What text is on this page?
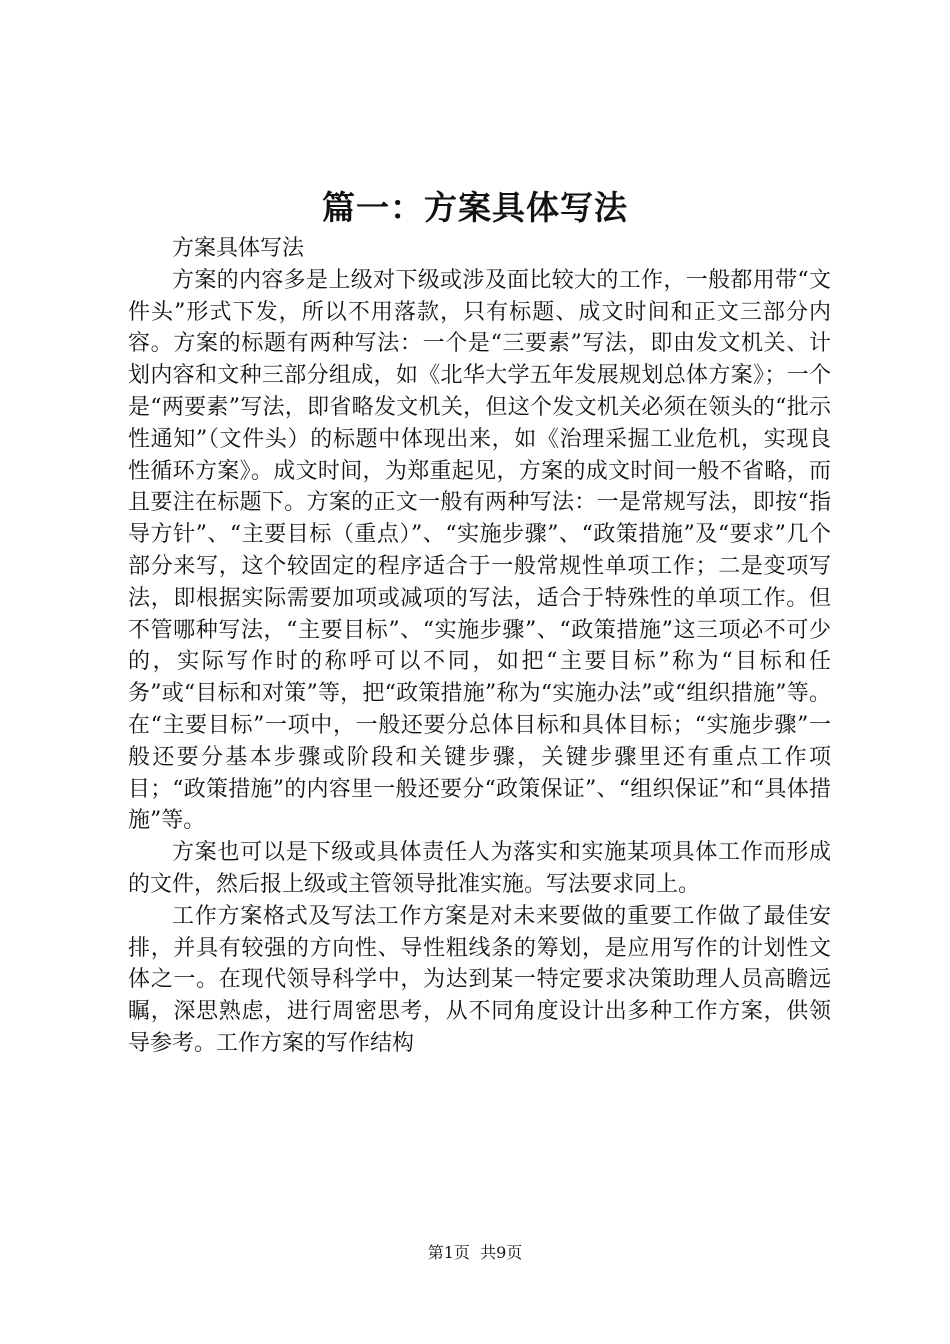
篇一：方案具体写法

方案具体写法

方案的内容多是上级对下级或涉及面比较大的工作，一般都用带“文件头”形式下发，所以不用落款，只有标题、成文时间和正文三部分内容。方案的标题有两种写法：一个是“三要素”写法，即由发文机关、计划内容和文种三部分组成，如《北华大学五年发展规划总体方案》；一个是“两要素”写法，即省略发文机关，但这个发文机关必须在领头的“批示性通知”（文件头）的标题中体现出来，如《治理采掘工业危机，实现良性循环方案》。成文时间，为郑重起见，方案的成文时间一般不省略，而且要注在标题下。方案的正文一般有两种写法：一是常规写法，即按“指导方针”、“主要目标（重点）”、“实施步骤”、“政策措施”及“要求”几个部分来写，这个较固定的程序适合于一般常规性单项工作；二是变项写法，即根据实际需要加项或减项的写法，适合于特殊性的单项工作。但不管哪种写法，“主要目标”、“实施步骤”、“政策措施”这三项必不可少的，实际写作时的称呼可以不同，如把“主要目标”称为“目标和任务”或“目标和对策”等，把“政策措施”称为“实施办法”或“组织措施”等。在“主要目标”一项中，一般还要分总体目标和具体目标；“实施步骤”一般还要分基本步骤或阶段和关键步骤，关键步骤里还有重点工作项目；“政策措施”的内容里一般还要分“政策保证”、“组织保证”和“具体措施”等。

方案也可以是下级或具体责任人为落实和实施某项具体工作而形成的文件，然后报上级或主管领导批准实施。写法要求同上。

工作方案格式及写法工作方案是对未来要做的重要工作做了最佳安排，并具有较强的方向性、导性粗线条的筹划，是应用写作的计划性文体之一。在现代领导科学中，为达到某一特定要求决策助理人员高瞻远瞩，深思熟虑，进行周密思考，从不同角度设计出多种工作方案，供领导参考。工作方案的写作结构

第1页  共9页
